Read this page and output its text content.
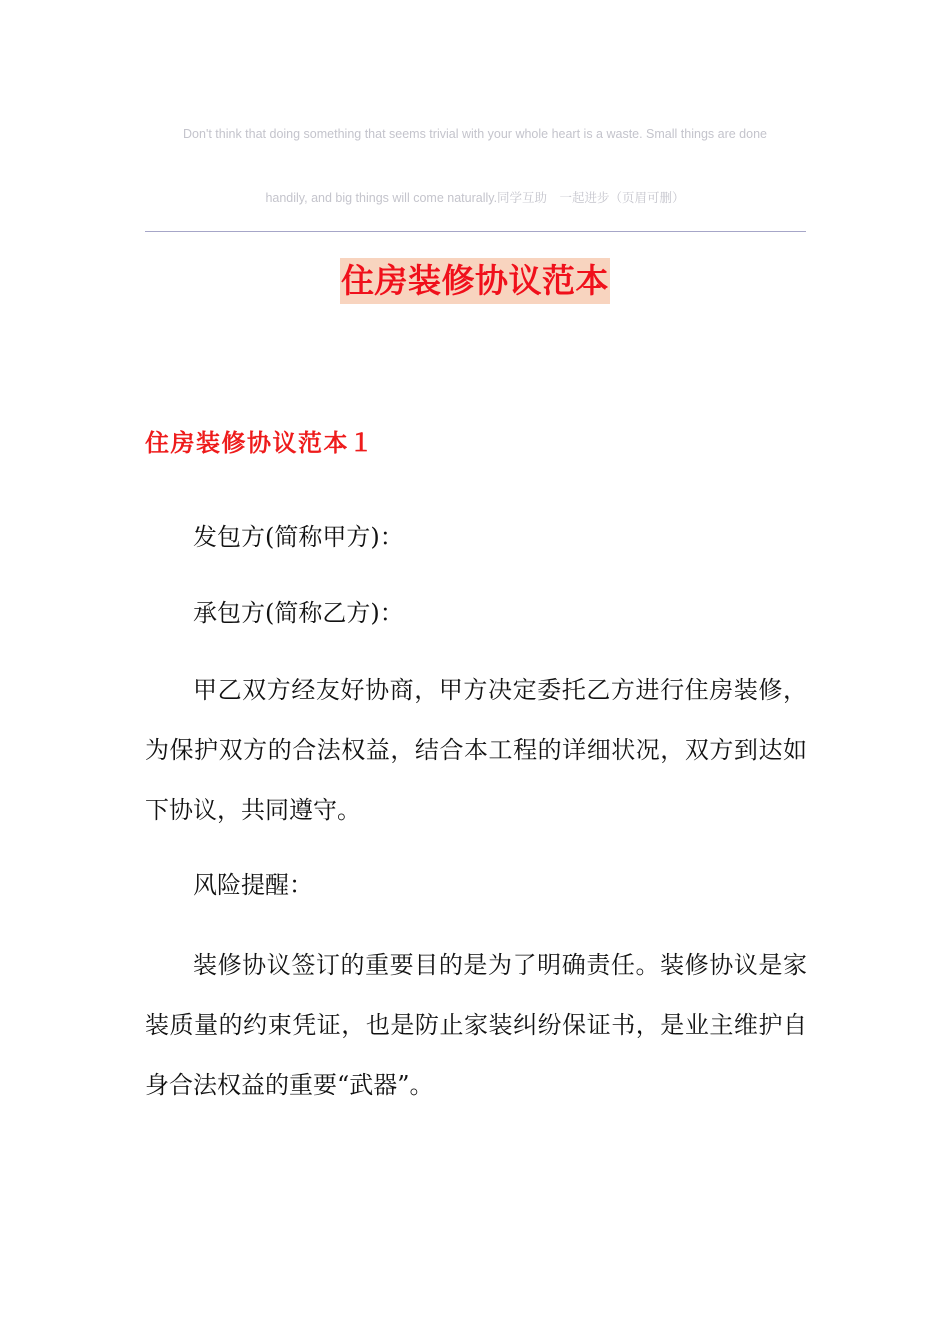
Don't think that doing something that seems trivial with your whole heart is a waste. Small things are done
handily, and big things will come naturally.同学互助　一起进步（页眉可删）
住房装修协议范本
住房装修协议范本１

发包方(简称甲方)：

承包方(简称乙方)：

甲乙双方经友好协商，甲方决定委托乙方进行住房装修，为保护双方的合法权益，结合本工程的详细状况，双方到达如下协议，共同遵守。

风险提醒：

装修协议签订的重要目的是为了明确责任。装修协议是家装质量的约束凭证，也是防止家装纠纷保证书，是业主维护自身合法权益的重要“武器”。
